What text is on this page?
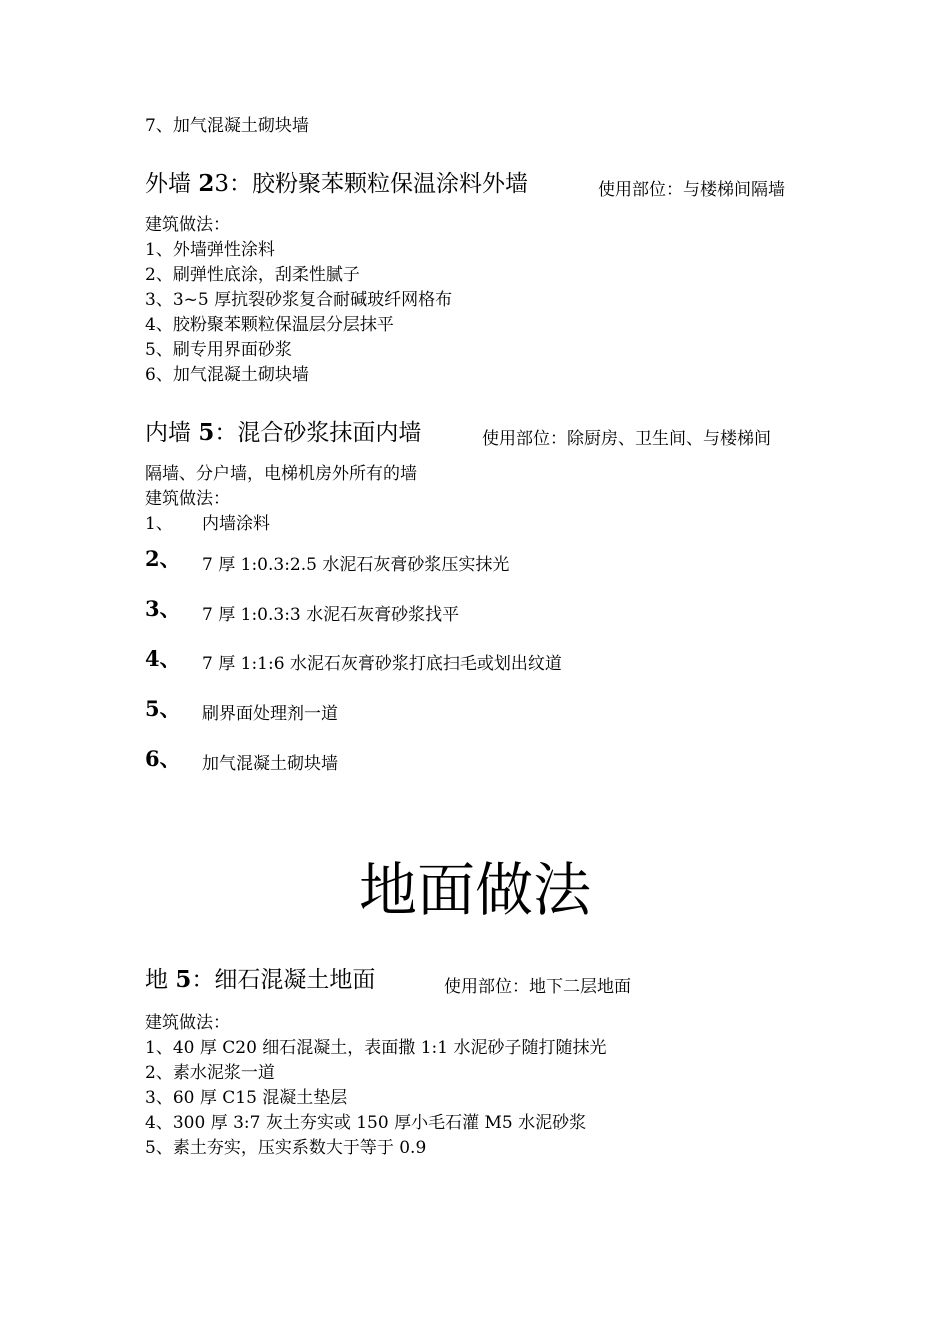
7、加气混凝土砌块墙
外墙 23：胶粉聚苯颗粒保温涂料外墙	使用部位：与楼梯间隔墙
建筑做法：
1、外墙弹性涂料
2、刷弹性底涂，刮柔性腻子
3、3~5 厚抗裂砂浆复合耐碱玻纤网格布
4、胶粉聚苯颗粒保温层分层抹平
5、刷专用界面砂浆
6、加气混凝土砌块墙
内墙 5：混合砂浆抹面内墙	使用部位：除厨房、卫生间、与楼梯间
隔墙、分户墙，电梯机房外所有的墙
建筑做法：
1、 内墙涂料
2、 7 厚 1:0.3:2.5 水泥石灰膏砂浆压实抹光
3、 7 厚 1:0.3:3 水泥石灰膏砂浆找平
4、 7 厚 1:1:6 水泥石灰膏砂浆打底扫毛或划出纹道
5、 刷界面处理剂一道
6、 加气混凝土砌块墙
地面做法
地 5：细石混凝土地面	使用部位：地下二层地面
建筑做法：
1、40 厚 C20 细石混凝土，表面撒 1:1 水泥砂子随打随抹光
2、素水泥浆一道
3、60 厚 C15 混凝土垫层
4、300 厚 3:7 灰土夯实或 150 厚小毛石灌 M5 水泥砂浆
5、素土夯实，压实系数大于等于 0.9
